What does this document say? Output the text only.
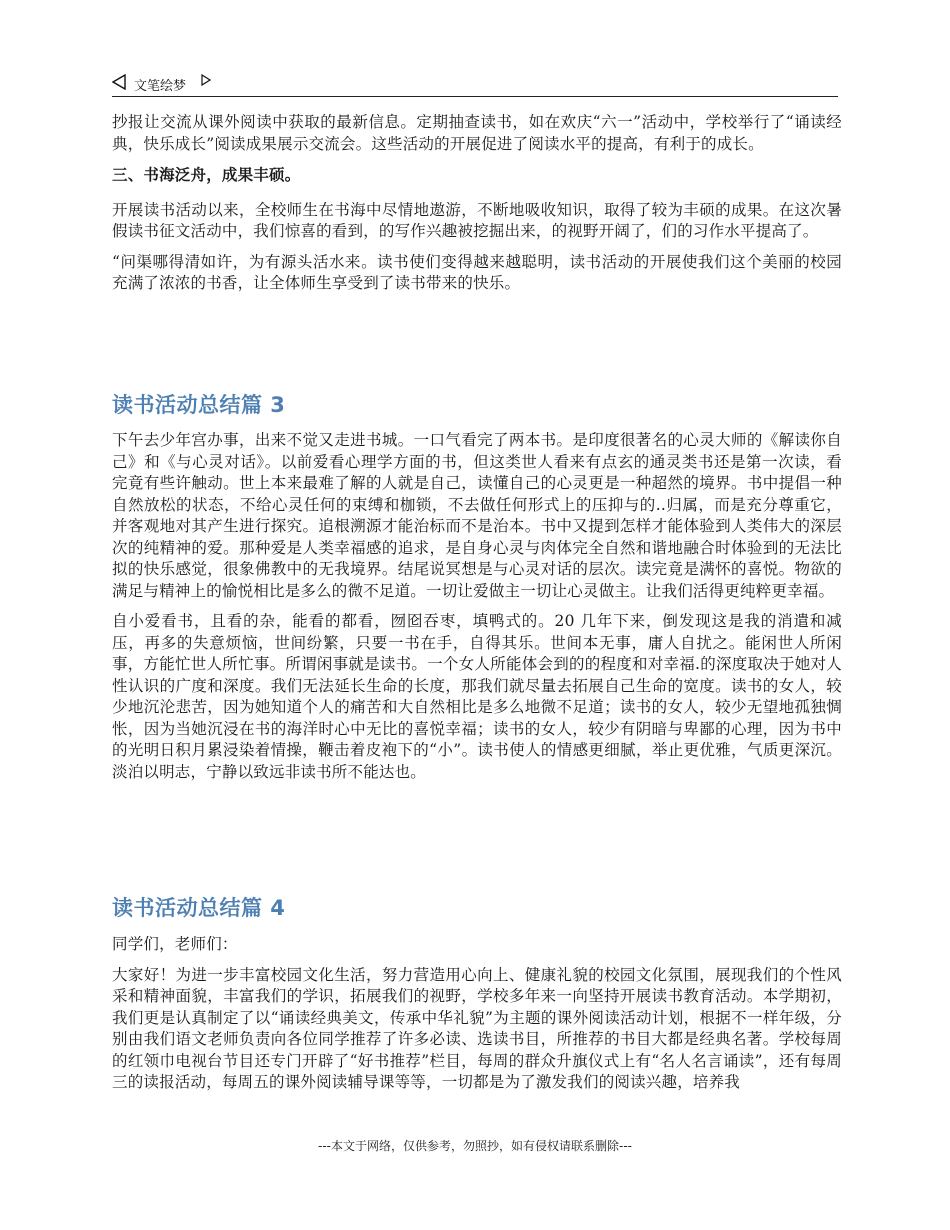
文笔绘梦

抄报让交流从课外阅读中获取的最新信息。定期抽查读书，如在欢庆“六一”活动中，学校举行了“诵读经典，快乐成长”阅读成果展示交流会。这些活动的开展促进了阅读水平的提高，有利于的成长。

三、书海泛舟，成果丰硕。

开展读书活动以来，全校师生在书海中尽情地遨游，不断地吸收知识，取得了较为丰硕的成果。在这次暑假读书征文活动中，我们惊喜的看到，的写作兴趣被挖掘出来，的视野开阔了，们的习作水平提高了。

“问渠哪得清如许，为有源头活水来。读书使们变得越来越聪明，读书活动的开展使我们这个美丽的校园充满了浓浓的书香，让全体师生享受到了读书带来的快乐。

读书活动总结篇 3

下午去少年宫办事，出来不觉又走进书城。一口气看完了两本书。是印度很著名的心灵大师的《解读你自己》和《与心灵对话》。以前爱看心理学方面的书，但这类世人看来有点玄的通灵类书还是第一次读，看完竟有些许触动。世上本来最难了解的人就是自己，读懂自己的心灵更是一种超然的境界。书中提倡一种自然放松的状态，不给心灵任何的束缚和枷锁，不去做任何形式上的压抑与的..归属，而是充分尊重它，并客观地对其产生进行探究。追根溯源才能治标而不是治本。书中又提到怎样才能体验到人类伟大的深层次的纯精神的爱。那种爱是人类幸福感的追求，是自身心灵与肉体完全自然和谐地融合时体验到的无法比拟的快乐感觉，很象佛教中的无我境界。结尾说冥想是与心灵对话的层次。读完竟是满怀的喜悦。物欲的满足与精神上的愉悦相比是多么的微不足道。一切让爱做主一切让心灵做主。让我们活得更纯粹更幸福。

自小爱看书，且看的杂，能看的都看，囫囵吞枣，填鸭式的。20 几年下来，倒发现这是我的消遣和减压，再多的失意烦恼，世间纷繁，只要一书在手，自得其乐。世间本无事，庸人自扰之。能闲世人所闲事，方能忙世人所忙事。所谓闲事就是读书。一个女人所能体会到的的程度和对幸福.的深度取决于她对人性认识的广度和深度。我们无法延长生命的长度，那我们就尽量去拓展自己生命的宽度。读书的女人，较少地沉沦悲苦，因为她知道个人的痛苦和大自然相比是多么地微不足道；读书的女人，较少无望地孤独惆怅，因为当她沉浸在书的海洋时心中无比的喜悦幸福；读书的女人，较少有阴暗与卑鄙的心理，因为书中的光明日积月累浸染着情操，鞭击着皮袍下的“小”。读书使人的情感更细腻，举止更优雅，气质更深沉。淡泊以明志，宁静以致远非读书所不能达也。

读书活动总结篇 4

同学们，老师们：

大家好！为进一步丰富校园文化生活，努力营造用心向上、健康礼貌的校园文化氛围，展现我们的个性风采和精神面貌，丰富我们的学识，拓展我们的视野，学校多年来一向坚持开展读书教育活动。本学期初，我们更是认真制定了以“诵读经典美文，传承中华礼貌”为主题的课外阅读活动计划，根据不一样年级，分别由我们语文老师负责向各位同学推荐了许多必读、选读书目，所推荐的书目大都是经典名著。学校每周的红领巾电视台节目还专门开辟了“好书推荐”栏目，每周的群众升旗仪式上有“名人名言诵读”，还有每周三的读报活动，每周五的课外阅读辅导课等等，一切都是为了激发我们的阅读兴趣，培养我

---本文于网络，仅供参考，勿照抄，如有侵权请联系删除---
